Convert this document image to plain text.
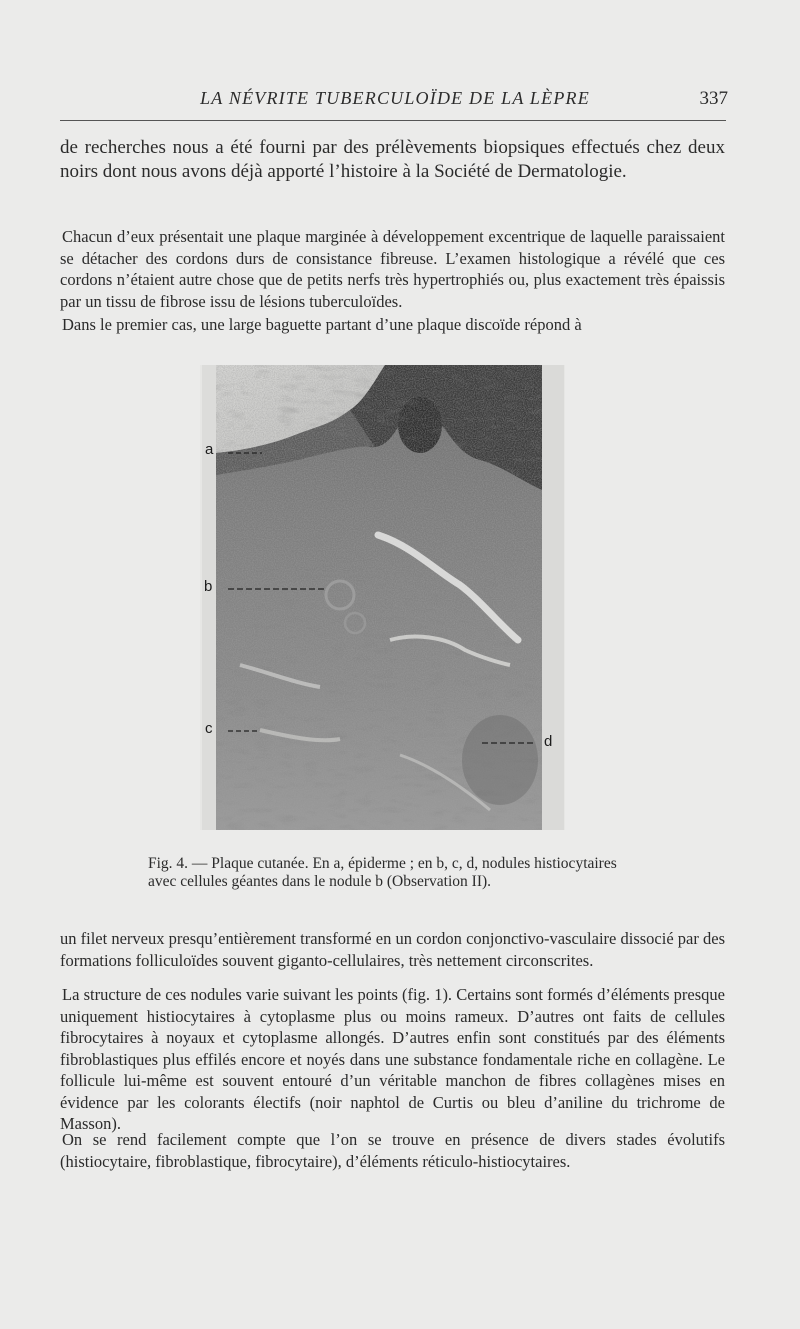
LA NÉVRITE TUBERCULOÏDE DE LA LÈPRE	337

de recherches nous a été fourni par des prélèvements biopsiques effectués chez deux noirs dont nous avons déjà apporté l’histoire à la Société de Dermatologie.

Chacun d’eux présentait une plaque marginée à développement excentrique de laquelle paraissaient se détacher des cordons durs de consistance fibreuse. L’examen histologique a révélé que ces cordons n’étaient autre chose que de petits nerfs très hypertrophiés ou, plus exactement très épaissis par un tissu de fibrose issu de lésions tuberculoïdes.

Dans le premier cas, une large baguette partant d’une plaque discoïde répond à

a
b
c
d

Fig. 4. — Plaque cutanée. En a, épiderme ; en b, c, d, nodules histiocytaires
avec cellules géantes dans le nodule b (Observation II).

un filet nerveux presqu’entièrement transformé en un cordon conjonctivo-vasculaire dissocié par des formations folliculoïdes souvent giganto-cellulaires, très nettement circonscrites.

La structure de ces nodules varie suivant les points (fig. 1). Certains sont formés d’éléments presque uniquement histiocytaires à cytoplasme plus ou moins rameux. D’autres ont faits de cellules fibrocytaires à noyaux et cytoplasme allongés. D’autres enfin sont constitués par des éléments fibroblastiques plus effilés encore et noyés dans une substance fondamentale riche en collagène. Le follicule lui-même est souvent entouré d’un véritable manchon de fibres collagènes mises en évidence par les colorants électifs (noir naphtol de Curtis ou bleu d’aniline du trichrome de Masson).

On se rend facilement compte que l’on se trouve en présence de divers stades évolutifs (histiocytaire, fibroblastique, fibrocytaire), d’éléments réticulo-histiocytaires.
